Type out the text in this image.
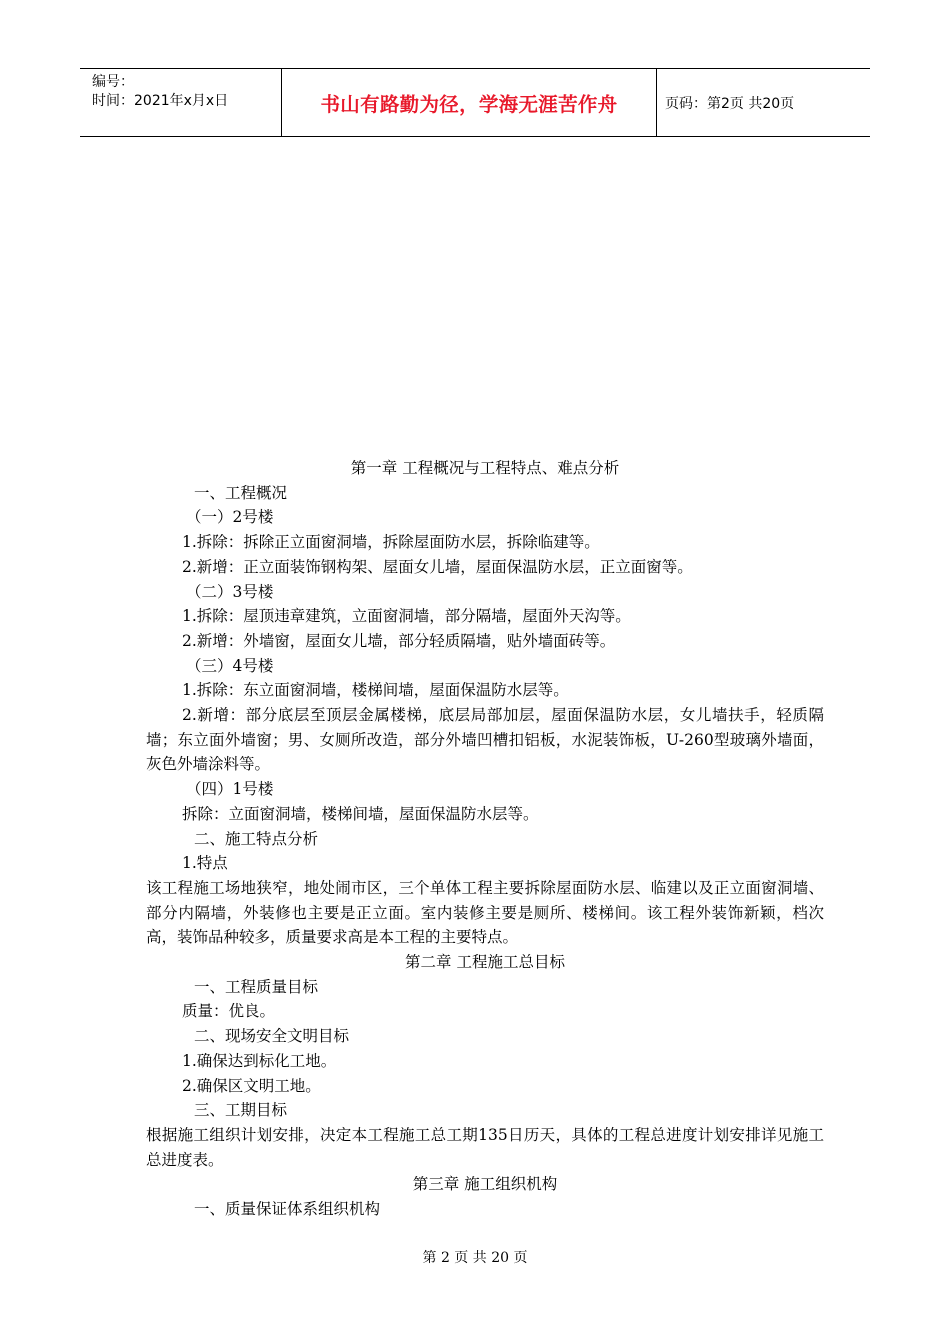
编号：
时间：2021年x月x日	书山有路勤为径，学海无涯苦作舟	页码：第2页 共20页
第一章 工程概况与工程特点、难点分析
一、工程概况
（一）2号楼
1.拆除：拆除正立面窗洞墙，拆除屋面防水层，拆除临建等。
2.新增：正立面装饰钢构架、屋面女儿墙，屋面保温防水层，正立面窗等。
（二）3号楼
1.拆除：屋顶违章建筑，立面窗洞墙，部分隔墙，屋面外天沟等。
2.新增：外墙窗，屋面女儿墙，部分轻质隔墙，贴外墙面砖等。
（三）4号楼
1.拆除：东立面窗洞墙，楼梯间墙，屋面保温防水层等。
2.新增：部分底层至顶层金属楼梯，底层局部加层，屋面保温防水层，女儿墙扶手，轻质隔墙；东立面外墙窗；男、女厕所改造，部分外墙凹槽扣铝板，水泥装饰板，U-260型玻璃外墙面，灰色外墙涂料等。
（四）1号楼
拆除：立面窗洞墙，楼梯间墙，屋面保温防水层等。
二、施工特点分析
1.特点
该工程施工场地狭窄，地处闹市区，三个单体工程主要拆除屋面防水层、临建以及正立面窗洞墙、部分内隔墙，外装修也主要是正立面。室内装修主要是厕所、楼梯间。该工程外装饰新颖，档次高，装饰品种较多，质量要求高是本工程的主要特点。
第二章 工程施工总目标
一、工程质量目标
质量：优良。
二、现场安全文明目标
1.确保达到标化工地。
2.确保区文明工地。
三、工期目标
根据施工组织计划安排，决定本工程施工总工期135日历天，具体的工程总进度计划安排详见施工总进度表。
第三章 施工组织机构
一、质量保证体系组织机构
第 2 页 共 20 页
